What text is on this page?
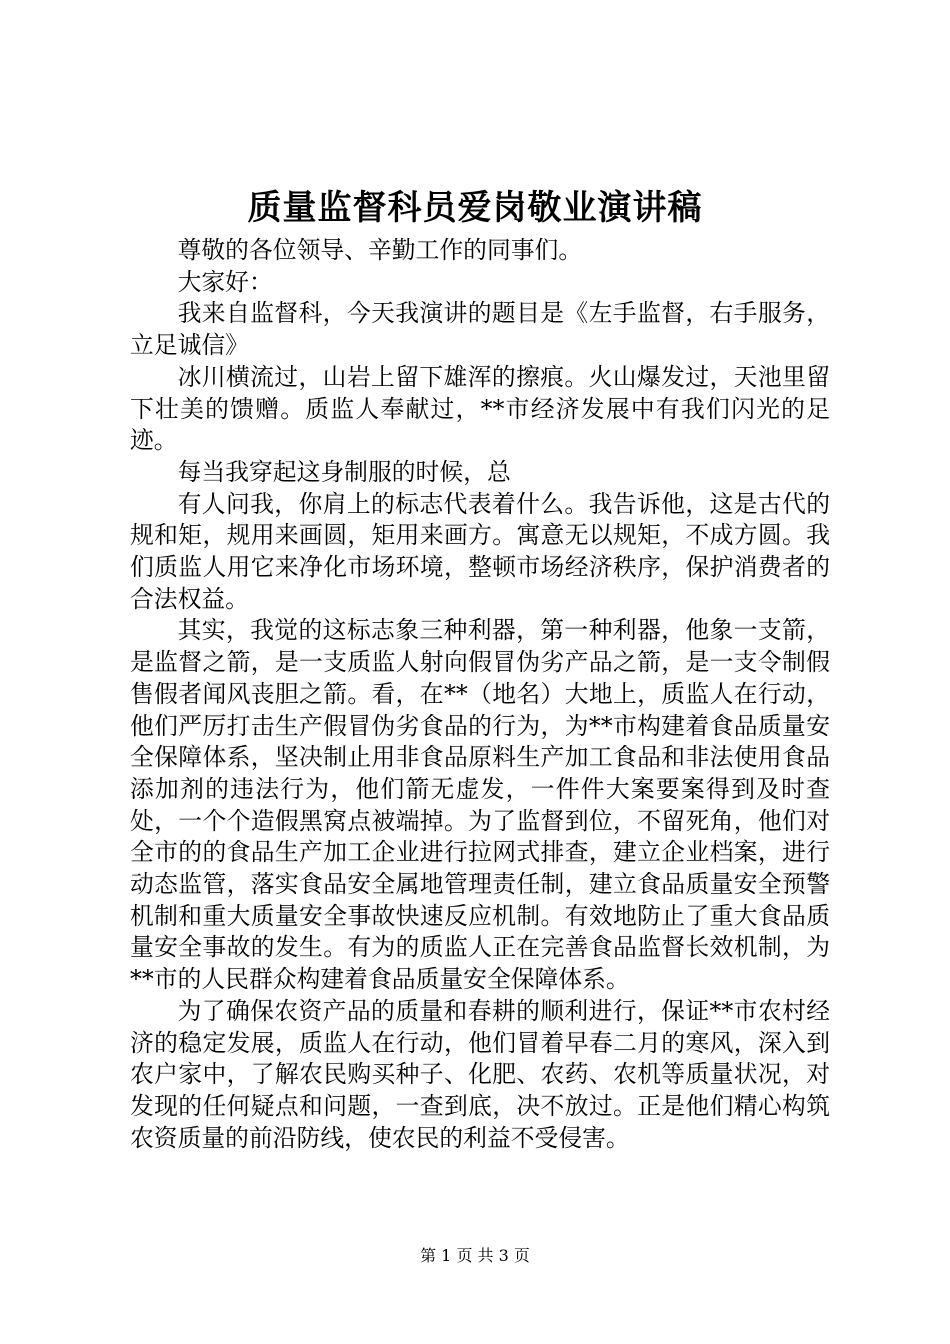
质量监督科员爱岗敬业演讲稿

尊敬的各位领导、辛勤工作的同事们。

大家好：

我来自监督科，今天我演讲的题目是《左手监督，右手服务，立足诚信》

冰川横流过，山岩上留下雄浑的擦痕。火山爆发过，天池里留下壮美的馈赠。质监人奉献过，**市经济发展中有我们闪光的足迹。

每当我穿起这身制服的时候，总

有人问我，你肩上的标志代表着什么。我告诉他，这是古代的规和矩，规用来画圆，矩用来画方。寓意无以规矩，不成方圆。我们质监人用它来净化市场环境，整顿市场经济秩序，保护消费者的合法权益。

其实，我觉的这标志象三种利器，第一种利器，他象一支箭，是监督之箭，是一支质监人射向假冒伪劣产品之箭，是一支令制假售假者闻风丧胆之箭。看，在**（地名）大地上，质监人在行动，他们严厉打击生产假冒伪劣食品的行为，为**市构建着食品质量安全保障体系，坚决制止用非食品原料生产加工食品和非法使用食品添加剂的违法行为，他们箭无虚发，一件件大案要案得到及时查处，一个个造假黑窝点被端掉。为了监督到位，不留死角，他们对全市的的食品生产加工企业进行拉网式排查，建立企业档案，进行动态监管，落实食品安全属地管理责任制，建立食品质量安全预警机制和重大质量安全事故快速反应机制。有效地防止了重大食品质量安全事故的发生。有为的质监人正在完善食品监督长效机制，为**市的人民群众构建着食品质量安全保障体系。

为了确保农资产品的质量和春耕的顺利进行，保证**市农村经济的稳定发展，质监人在行动，他们冒着早春二月的寒风，深入到农户家中，了解农民购买种子、化肥、农药、农机等质量状况，对发现的任何疑点和问题，一查到底，决不放过。正是他们精心构筑农资质量的前沿防线，使农民的利益不受侵害。

第 1 页 共 3 页
